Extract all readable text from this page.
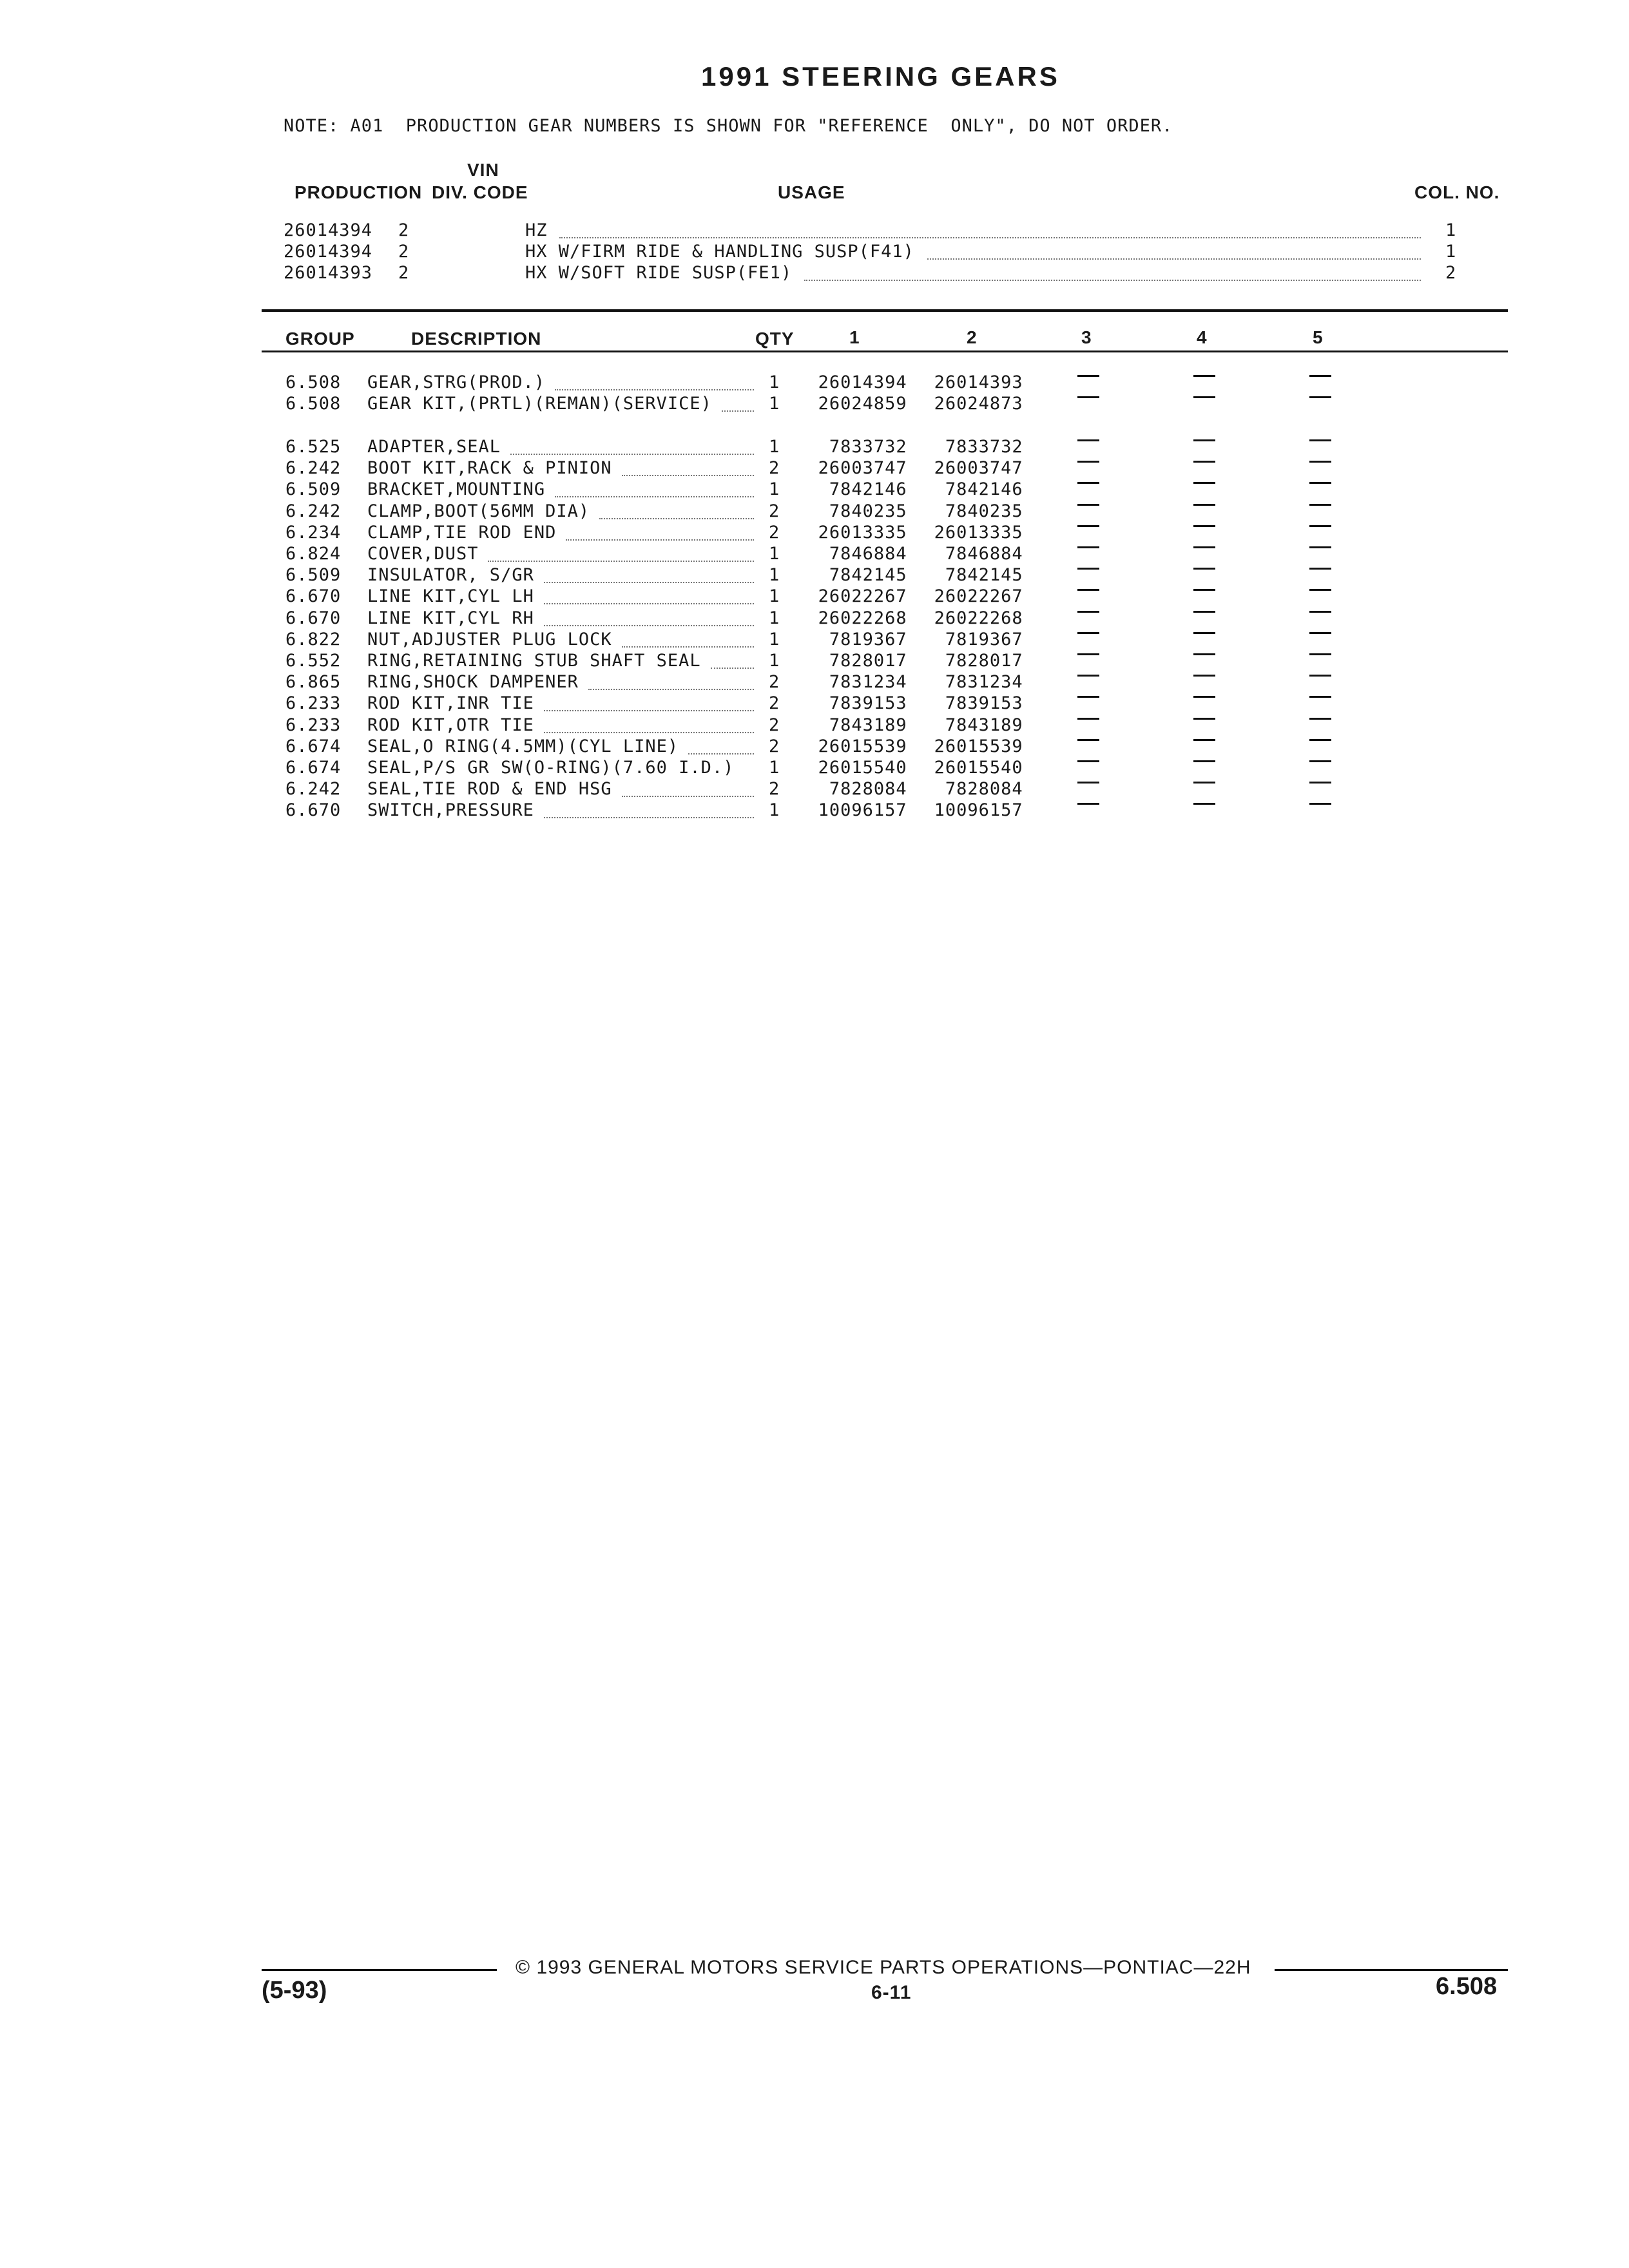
1991 STEERING GEARS
NOTE: A01  PRODUCTION GEAR NUMBERS IS SHOWN FOR "REFERENCE  ONLY", DO NOT ORDER.
VIN
PRODUCTION DIV. CODE	USAGE	COL. NO.
26014394 2	HZ	1
26014394 2	HX W/FIRM RIDE & HANDLING SUSP(F41)	1
26014393 2	HX W/SOFT RIDE SUSP(FE1)	2
GROUP	DESCRIPTION	QTY	1	2	3	4	5
6.508 GEAR,STRG(PROD.)	1 26014394 26014393
6.508 GEAR KIT,(PRTL)(REMAN)(SERVICE)	1 26024859 26024873
6.525 ADAPTER,SEAL	1	7833732 7833732
6.242 BOOT KIT,RACK & PINION	2 26003747 26003747
6.509 BRACKET,MOUNTING	1	7842146 7842146
6.242 CLAMP,BOOT(56MM DIA)	2	7840235 7840235
6.234 CLAMP,TIE ROD END	2 26013335 26013335
6.824 COVER,DUST	1	7846884 7846884
6.509 INSULATOR, S/GR	1	7842145 7842145
6.670 LINE KIT,CYL LH	1 26022267 26022267
6.670 LINE KIT,CYL RH	1 26022268 26022268
6.822 NUT,ADJUSTER PLUG LOCK	1	7819367 7819367
6.552 RING,RETAINING STUB SHAFT SEAL	1	7828017 7828017
6.865 RING,SHOCK DAMPENER	2	7831234 7831234
6.233 ROD KIT,INR TIE	2	7839153 7839153
6.233 ROD KIT,OTR TIE	2	7843189 7843189
6.674 SEAL,O RING(4.5MM)(CYL LINE)	2 26015539 26015539
6.674 SEAL,P/S GR SW(O-RING)(7.60 I.D.) 1 26015540 26015540
6.242 SEAL,TIE ROD & END HSG	2	7828084 7828084
6.670 SWITCH,PRESSURE	1 10096157 10096157
© 1993 GENERAL MOTORS SERVICE PARTS OPERATIONS—PONTIAC—22H
(5-93)	6-11	6.508
